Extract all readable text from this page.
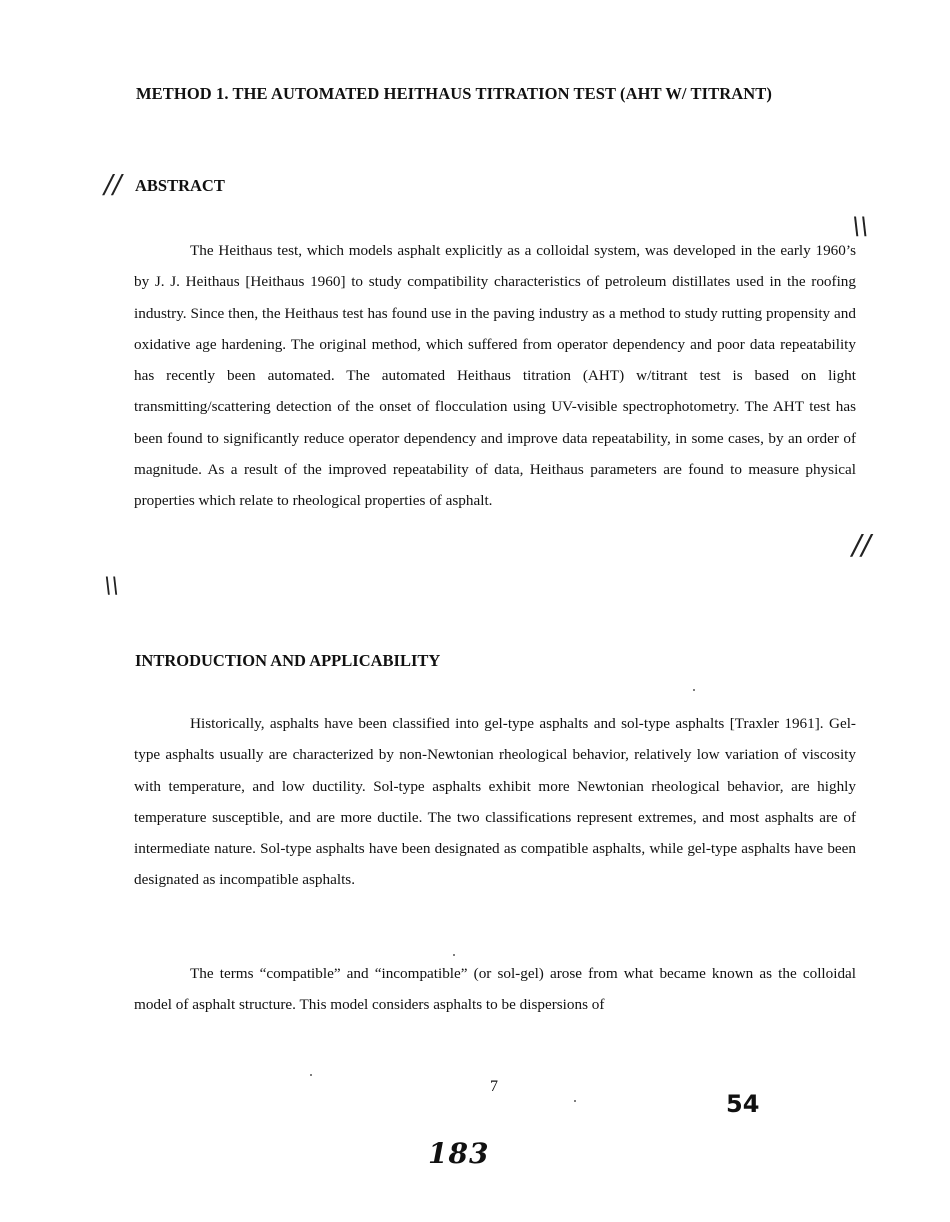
METHOD 1. THE AUTOMATED HEITHAUS TITRATION TEST (AHT W/ TITRANT)
// ABSTRACT
\\

The Heithaus test, which models asphalt explicitly as a colloidal system, was developed in the early 1960’s by J. J. Heithaus [Heithaus 1960] to study compatibility characteristics of petroleum distillates used in the roofing industry. Since then, the Heithaus test has found use in the paving industry as a method to study rutting propensity and oxidative age hardening. The original method, which suffered from operator dependency and poor data repeatability has recently been automated. The automated Heithaus titration (AHT) w/titrant test is based on light transmitting/scattering detection of the onset of flocculation using UV-visible spectrophotometry. The AHT test has been found to significantly reduce operator dependency and improve data repeatability, in some cases, by an order of magnitude. As a result of the improved repeatability of data, Heithaus parameters are found to measure physical properties which relate to rheological properties of asphalt.

//
\\
INTRODUCTION AND APPLICABILITY

Historically, asphalts have been classified into gel-type asphalts and sol-type asphalts [Traxler 1961]. Gel-type asphalts usually are characterized by non-Newtonian rheological behavior, relatively low variation of viscosity with temperature, and low ductility. Sol-type asphalts exhibit more Newtonian rheological behavior, are highly temperature susceptible, and are more ductile. The two classifications represent extremes, and most asphalts are of intermediate nature. Sol-type asphalts have been designated as compatible asphalts, while gel-type asphalts have been designated as incompatible asphalts.

The terms “compatible” and “incompatible” (or sol-gel) arose from what became known as the colloidal model of asphalt structure. This model considers asphalts to be dispersions of

7
54
183
